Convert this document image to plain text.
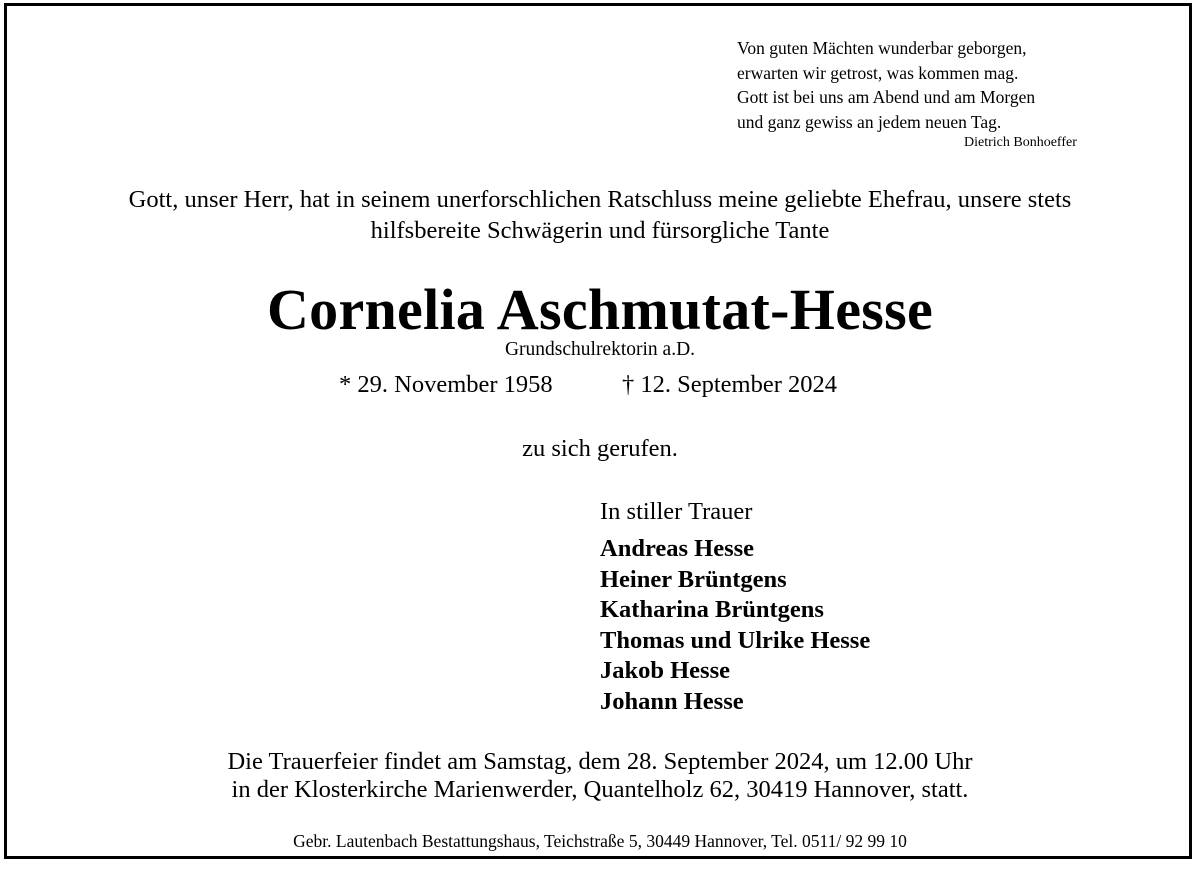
Von guten Mächten wunderbar geborgen,
erwarten wir getrost, was kommen mag.
Gott ist bei uns am Abend und am Morgen
und ganz gewiss an jedem neuen Tag.
Dietrich Bonhoeffer
Gott, unser Herr, hat in seinem unerforschlichen Ratschluss meine geliebte Ehefrau, unsere stets
hilfsbereite Schwägerin und fürsorgliche Tante
Cornelia Aschmutat-Hesse
Grundschulrektorin a.D.
* 29. November 1958	† 12. September 2024
zu sich gerufen.
In stiller Trauer
Andreas Hesse
Heiner Brüntgens
Katharina Brüntgens
Thomas und Ulrike Hesse
Jakob Hesse
Johann Hesse
Die Trauerfeier findet am Samstag, dem 28. September 2024, um 12.00 Uhr
in der Klosterkirche Marienwerder, Quantelholz 62, 30419 Hannover, statt.
Gebr. Lautenbach Bestattungshaus, Teichstraße 5, 30449 Hannover, Tel. 0511/ 92 99 10
